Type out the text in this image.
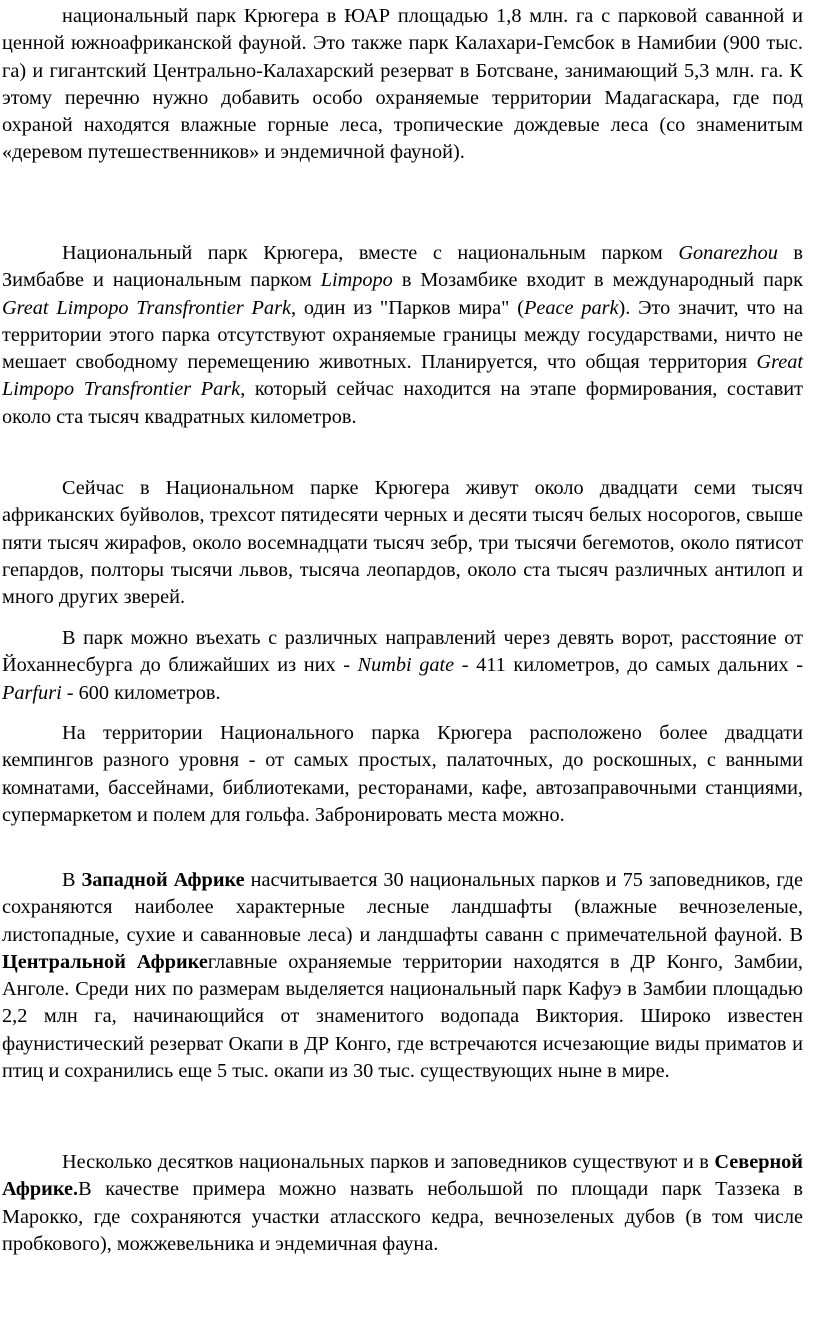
национальный парк Крюгера в ЮАР площадью 1,8 млн. га с парковой саванной и ценной южноафриканской фауной. Это также парк Калахари-Гемсбок в Намибии (900 тыс. га) и гигантский Центрально-Калахарский резерват в Ботсване, занимающий 5,3 млн. га. К этому перечню нужно добавить особо охраняемые территории Мадагаскара, где под охраной находятся влажные горные леса, тропические дождевые леса (со знаменитым «деревом путешественников» и эндемичной фауной).

Национальный парк Крюгера, вместе с национальным парком Gonarezhou в Зимбабве и национальным парком Limpopo в Мозамбике входит в международный парк Great Limpopo Transfrontier Park, один из "Парков мира" (Peace park). Это значит, что на территории этого парка отсутствуют охраняемые границы между государствами, ничто не мешает свободному перемещению животных. Планируется, что общая территория Great Limpopo Transfrontier Park, который сейчас находится на этапе формирования, составит около ста тысяч квадратных километров.

Сейчас в Национальном парке Крюгера живут около двадцати семи тысяч африканских буйволов, трехсот пятидесяти черных и десяти тысяч белых носорогов, свыше пяти тысяч жирафов, около восемнадцати тысяч зебр, три тысячи бегемотов, около пятисот гепардов, полторы тысячи львов, тысяча леопардов, около ста тысяч различных антилоп и много других зверей.

В парк можно въехать с различных направлений через девять ворот, расстояние от Йоханнесбурга до ближайших из них - Numbi gate - 411 километров, до самых дальних - Parfuri - 600 километров.

На территории Национального парка Крюгера расположено более двадцати кемпингов разного уровня - от самых простых, палаточных, до роскошных, с ванными комнатами, бассейнами, библиотеками, ресторанами, кафе, автозаправочными станциями, супермаркетом и полем для гольфа. Забронировать места можно.

В Западной Африке насчитывается 30 национальных парков и 75 заповедников, где сохраняются наиболее характерные лесные ландшафты (влажные вечнозеленые, листопадные, сухие и саванновые леса) и ландшафты саванн с примечательной фауной. В Центральной Африкеглавные охраняемые территории находятся в ДР Конго, Замбии, Анголе. Среди них по размерам выделяется национальный парк Кафуэ в Замбии площадью 2,2 млн га, начинающийся от знаменитого водопада Виктория. Широко известен фаунистический резерват Окапи в ДР Конго, где встречаются исчезающие виды приматов и птиц и сохранились еще 5 тыс. окапи из 30 тыс. существующих ныне в мире.

Несколько десятков национальных парков и заповедников существуют и в Северной Африке.В качестве примера можно назвать небольшой по площади парк Таззека в Марокко, где сохраняются участки атласского кедра, вечнозеленых дубов (в том числе пробкового), можжевельника и эндемичная фауна.
